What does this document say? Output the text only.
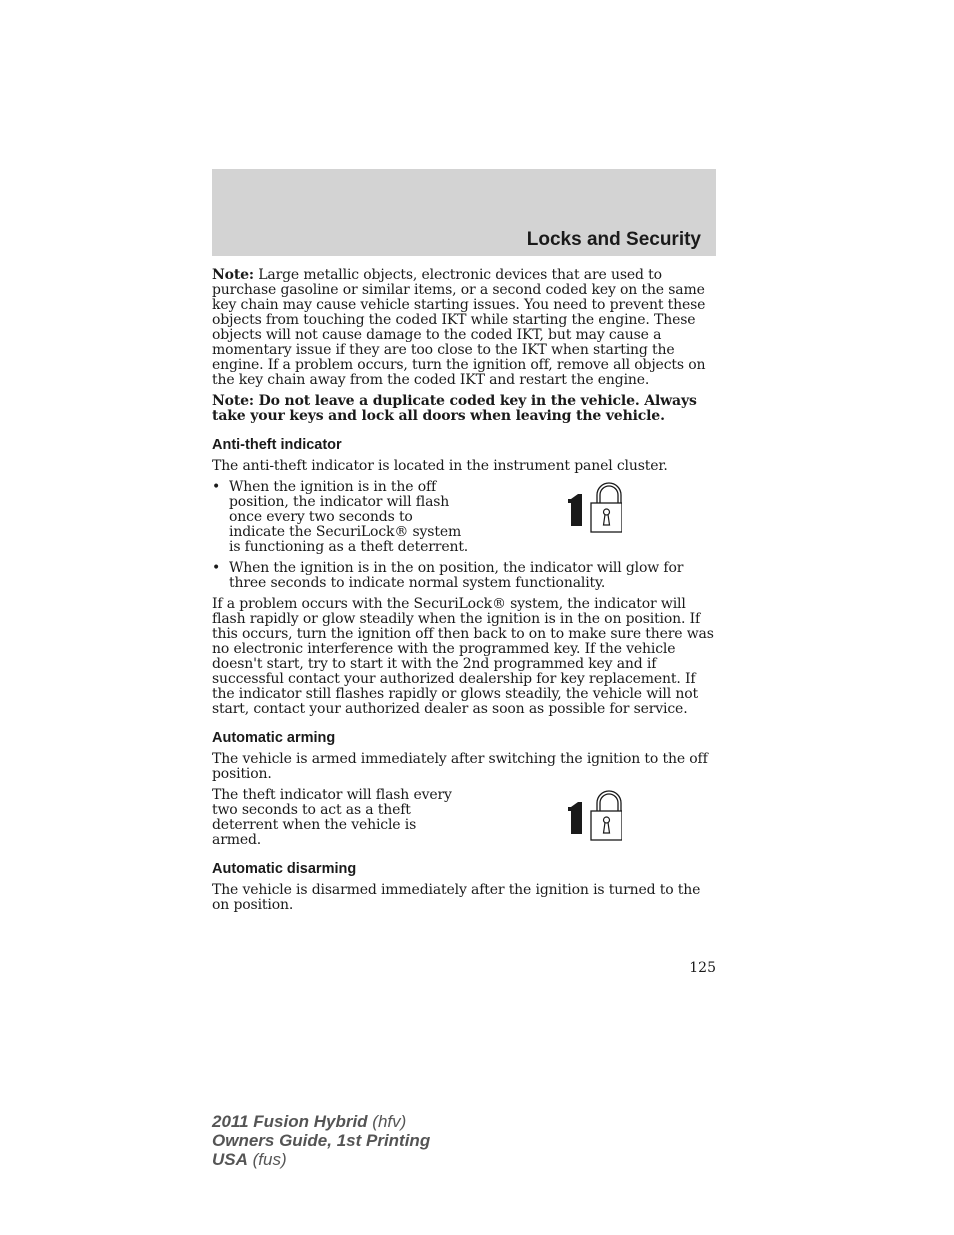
Locks and Security

Note: Large metallic objects, electronic devices that are used to purchase gasoline or similar items, or a second coded key on the same key chain may cause vehicle starting issues. You need to prevent these objects from touching the coded IKT while starting the engine. These objects will not cause damage to the coded IKT, but may cause a momentary issue if they are too close to the IKT when starting the engine. If a problem occurs, turn the ignition off, remove all objects on the key chain away from the coded IKT and restart the engine.

Note: Do not leave a duplicate coded key in the vehicle. Always take your keys and lock all doors when leaving the vehicle.

Anti-theft indicator

The anti-theft indicator is located in the instrument panel cluster.

• When the ignition is in the off position, the indicator will flash once every two seconds to indicate the SecuriLock® system is functioning as a theft deterrent.
• When the ignition is in the on position, the indicator will glow for three seconds to indicate normal system functionality.

If a problem occurs with the SecuriLock® system, the indicator will flash rapidly or glow steadily when the ignition is in the on position. If this occurs, turn the ignition off then back to on to make sure there was no electronic interference with the programmed key. If the vehicle doesn't start, try to start it with the 2nd programmed key and if successful contact your authorized dealership for key replacement. If the indicator still flashes rapidly or glows steadily, the vehicle will not start, contact your authorized dealer as soon as possible for service.

Automatic arming

The vehicle is armed immediately after switching the ignition to the off position.

The theft indicator will flash every two seconds to act as a theft deterrent when the vehicle is armed.
Automatic disarming

The vehicle is disarmed immediately after the ignition is turned to the on position.

125
2011 Fusion Hybrid (hfv)
Owners Guide, 1st Printing
USA (fus)
